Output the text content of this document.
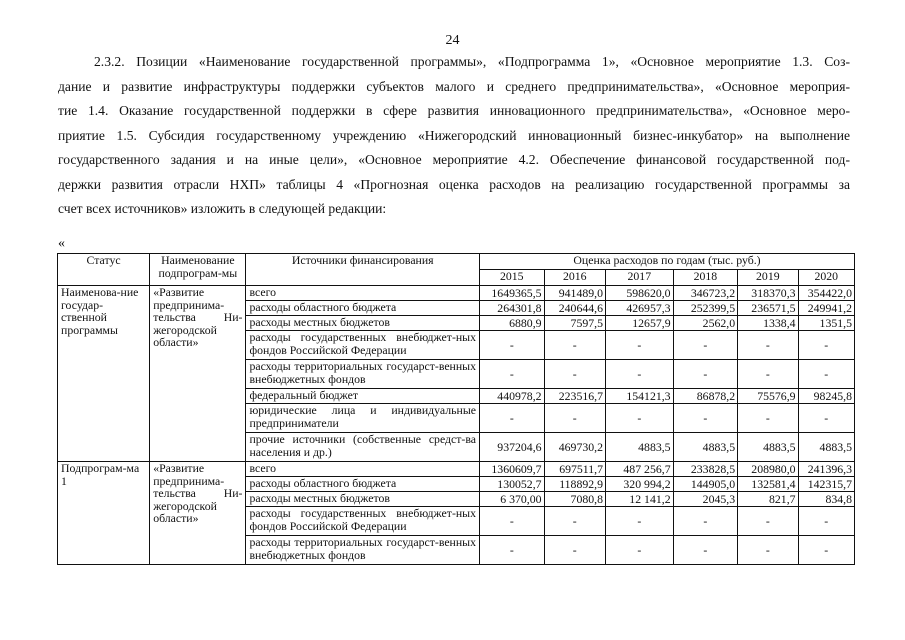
24
2.3.2. Позиции «Наименование государственной программы», «Подпрограмма 1», «Основное мероприятие 1.3. Соз-
дание и развитие инфраструктуры поддержки субъектов малого и среднего предпринимательства», «Основное мероприя-
тие 1.4. Оказание государственной поддержки в сфере развития инновационного предпринимательства», «Основное меро-
приятие 1.5. Субсидия государственному учреждению «Нижегородский инновационный бизнес-инкубатор» на выполнение
государственного задания и на иные цели», «Основное мероприятие 4.2. Обеспечение финансовой государственной под-
держки развития отрасли НХП» таблицы 4 «Прогнозная оценка расходов на реализацию государственной программы за
счет всех источников» изложить в следующей редакции:
«
Статус	Наименование подпрограм-мы	Источники финансирования	Оценка расходов по годам (тыс. руб.)					
			2015	2016	2017	2018	2019	2020
Наименова-ние государ-ственной программы	«Развитие предпринима-тельства Ни-жегородской области»	всего	1649365,5	941489,0	598620,0	346723,2	318370,3	354422,0
		расходы областного бюджета	264301,8	240644,6	426957,3	252399,5	236571,5	249941,2
		расходы местных бюджетов	6880,9	7597,5	12657,9	2562,0	1338,4	1351,5
		расходы государственных внебюджет-ных фондов Российской Федерации	-	-	-	-	-	-
		расходы территориальных государст-венных внебюджетных фондов	-	-	-	-	-	-
		федеральный бюджет	440978,2	223516,7	154121,3	86878,2	75576,9	98245,8
		юридические лица и индивидуальные предприниматели	-	-	-	-	-	-
		прочие источники (собственные средст-ва населения и др.)	937204,6	469730,2	4883,5	4883,5	4883,5	4883,5
Подпрограм-ма 1	«Развитие предпринима-тельства Ни-жегородской области»	всего	1360609,7	697511,7	487 256,7	233828,5	208980,0	241396,3
		расходы областного бюджета	130052,7	118892,9	320 994,2	144905,0	132581,4	142315,7
		расходы местных бюджетов	6 370,00	7080,8	12 141,2	2045,3	821,7	834,8
		расходы государственных внебюджет-ных фондов Российской Федерации	-	-	-	-	-	-
		расходы территориальных государст-венных внебюджетных фондов	-	-	-	-	-	-
